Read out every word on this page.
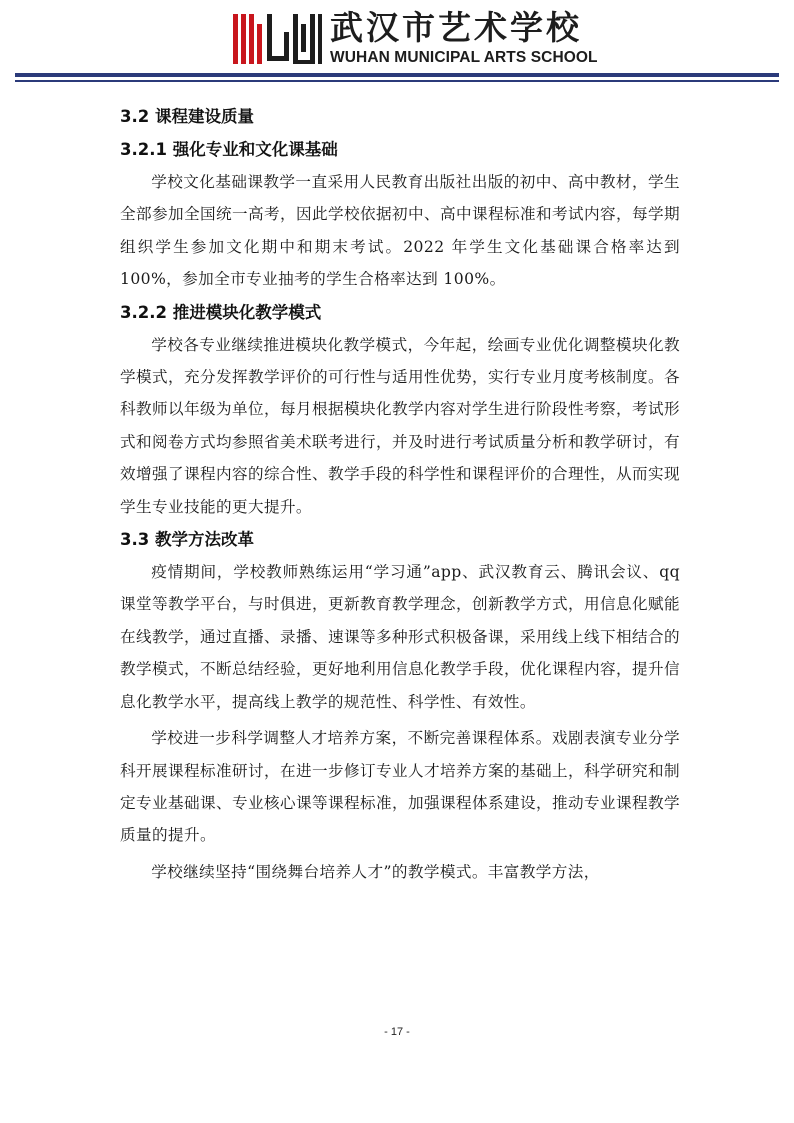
武汉市艺术学校
WUHAN MUNICIPAL ARTS SCHOOL

3.2 课程建设质量

3.2.1 强化专业和文化课基础

学校文化基础课教学一直采用人民教育出版社出版的初中、高中教材，学生全部参加全国统一高考，因此学校依据初中、高中课程标准和考试内容，每学期组织学生参加文化期中和期末考试。2022 年学生文化基础课合格率达到 100%，参加全市专业抽考的学生合格率达到 100%。

3.2.2 推进模块化教学模式

学校各专业继续推进模块化教学模式，今年起，绘画专业优化调整模块化教学模式，充分发挥教学评价的可行性与适用性优势，实行专业月度考核制度。各科教师以年级为单位，每月根据模块化教学内容对学生进行阶段性考察，考试形式和阅卷方式均参照省美术联考进行，并及时进行考试质量分析和教学研讨，有效增强了课程内容的综合性、教学手段的科学性和课程评价的合理性，从而实现学生专业技能的更大提升。

3.3 教学方法改革

疫情期间，学校教师熟练运用“学习通”app、武汉教育云、腾讯会议、qq 课堂等教学平台，与时俱进，更新教育教学理念，创新教学方式，用信息化赋能在线教学，通过直播、录播、速课等多种形式积极备课，采用线上线下相结合的教学模式，不断总结经验，更好地利用信息化教学手段，优化课程内容，提升信息化教学水平，提高线上教学的规范性、科学性、有效性。

学校进一步科学调整人才培养方案，不断完善课程体系。戏剧表演专业分学科开展课程标准研讨，在进一步修订专业人才培养方案的基础上，科学研究和制定专业基础课、专业核心课等课程标准，加强课程体系建设，推动专业课程教学质量的提升。

学校继续坚持“围绕舞台培养人才”的教学模式。丰富教学方法，

- 17 -
